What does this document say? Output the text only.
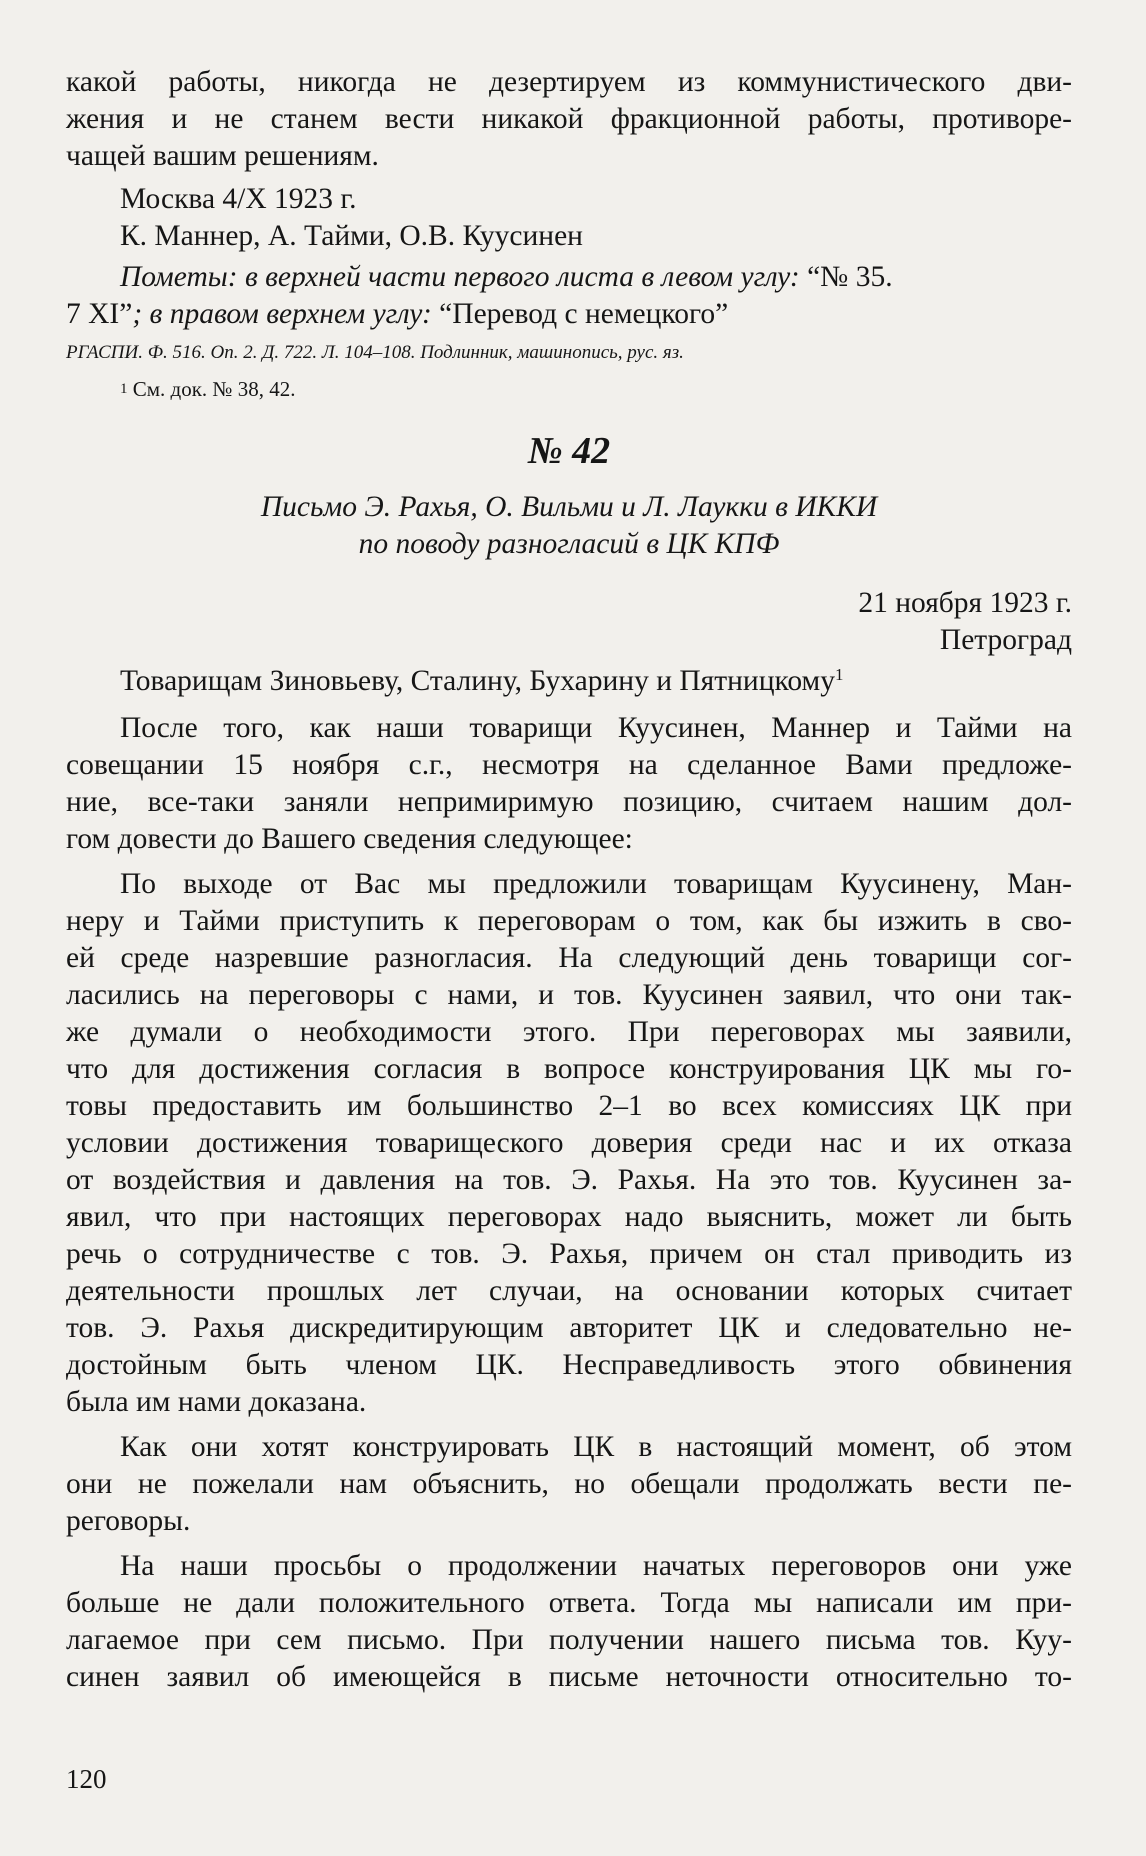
какой работы, никогда не дезертируем из коммунистического дви-
жения и не станем вести никакой фракционной работы, противоре-
чащей вашим решениям.
Москва 4/X 1923 г.
К. Маннер, А. Тайми, О.В. Куусинен
Пометы: в верхней части первого листа в левом углу: “№ 35.
7 XI”; в правом верхнем углу: “Перевод с немецкого”
РГАСПИ. Ф. 516. Оп. 2. Д. 722. Л. 104–108. Подлинник, машинопись, рус. яз.
$^1$ См. док. № 38, 42.
№ 42
Письмо Э. Рахья, О. Вильми и Л. Лаукки в ИККИ
по поводу разногласий в ЦК КПФ
21 ноября 1923 г.
Петроград
Товарищам Зиновьеву, Сталину, Бухарину и Пятницкому$^1$
После того, как наши товарищи Куусинен, Маннер и Тайми на
совещании 15 ноября с.г., несмотря на сделанное Вами предложе-
ние, все-таки заняли непримиримую позицию, считаем нашим дол-
гом довести до Вашего сведения следующее:
По выходе от Вас мы предложили товарищам Куусинену, Ман-
неру и Тайми приступить к переговорам о том, как бы изжить в сво-
ей среде назревшие разногласия. На следующий день товарищи сог-
ласились на переговоры с нами, и тов. Куусинен заявил, что они так-
же думали о необходимости этого. При переговорах мы заявили,
что для достижения согласия в вопросе конструирования ЦК мы го-
товы предоставить им большинство 2–1 во всех комиссиях ЦК при
условии достижения товарищеского доверия среди нас и их отказа
от воздействия и давления на тов. Э. Рахья. На это тов. Куусинен за-
явил, что при настоящих переговорах надо выяснить, может ли быть
речь о сотрудничестве с тов. Э. Рахья, причем он стал приводить из
деятельности прошлых лет случаи, на основании которых считает
тов. Э. Рахья дискредитирующим авторитет ЦК и следовательно не-
достойным быть членом ЦК. Несправедливость этого обвинения
была им нами доказана.
Как они хотят конструировать ЦК в настоящий момент, об этом
они не пожелали нам объяснить, но обещали продолжать вести пе-
реговоры.
На наши просьбы о продолжении начатых переговоров они уже
больше не дали положительного ответа. Тогда мы написали им при-
лагаемое при сем письмо. При получении нашего письма тов. Куу-
синен заявил об имеющейся в письме неточности относительно то-
120
